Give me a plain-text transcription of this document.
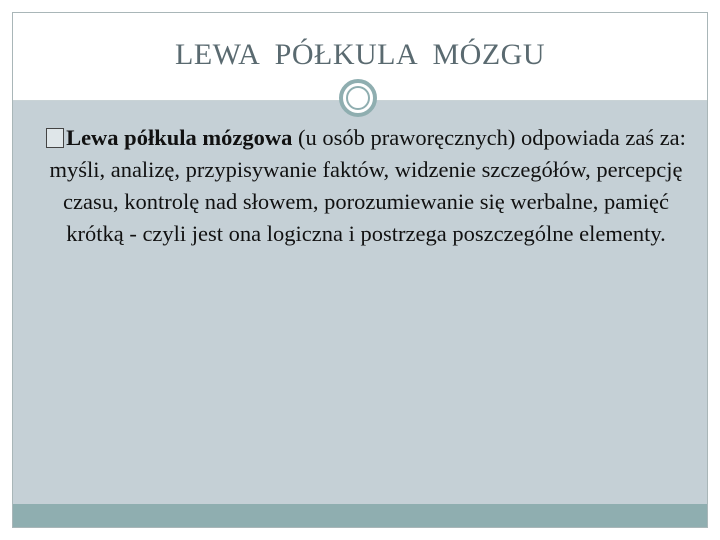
LEWA  PÓŁKULA  MÓZGU
Lewa półkula mózgowa (u osób praworęcznych) odpowiada zaś za: myśli, analizę, przypisywanie faktów, widzenie szczegółów, percepcję czasu, kontrolę nad słowem, porozumiewanie się werbalne, pamięć krótką - czyli jest ona logiczna i postrzega poszczególne elementy.
